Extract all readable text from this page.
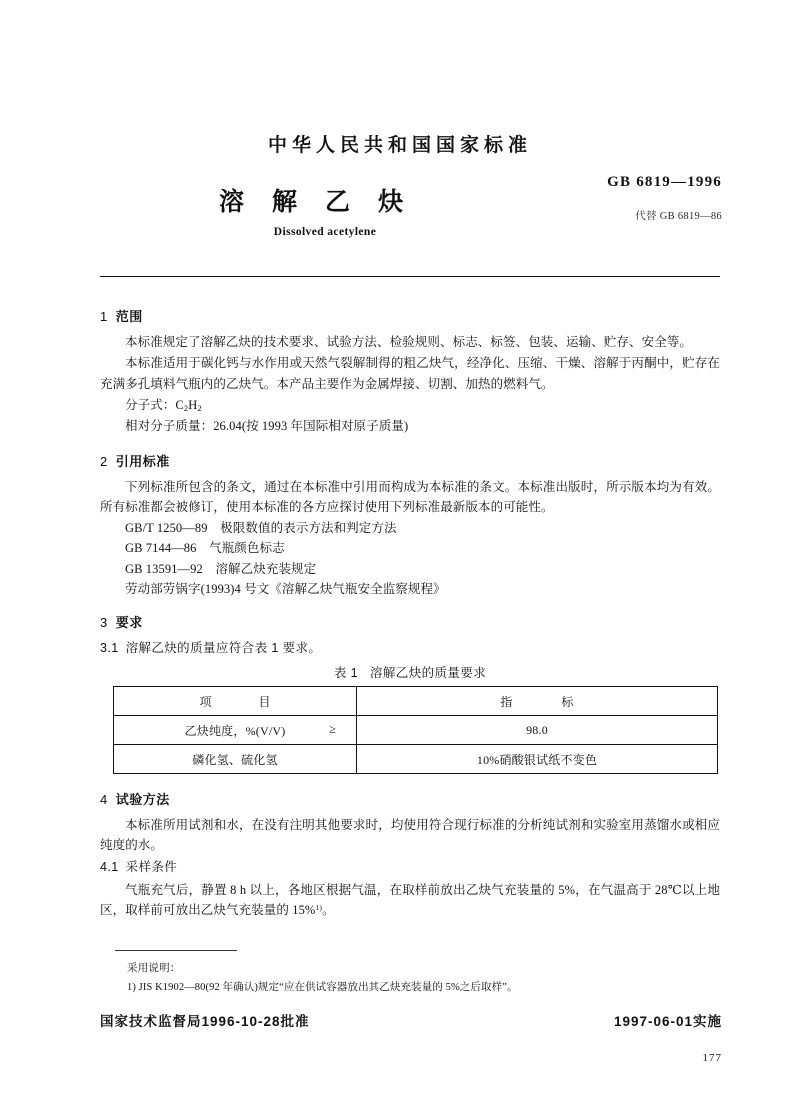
中华人民共和国国家标准
溶解乙炔
Dissolved acetylene
GB 6819—1996
代替 GB 6819—86
1 范围

本标准规定了溶解乙炔的技术要求、试验方法、检验规则、标志、标签、包装、运输、贮存、安全等。

本标准适用于碳化钙与水作用或天然气裂解制得的粗乙炔气，经净化、压缩、干燥、溶解于丙酮中，贮存在充满多孔填料气瓶内的乙炔气。本产品主要作为金属焊接、切割、加热的燃料气。

分子式：$C_2H_2$

相对分子质量：26.04(按 1993 年国际相对原子质量)

2 引用标准

下列标准所包含的条文，通过在本标准中引用而构成为本标准的条文。本标准出版时，所示版本均为有效。所有标准都会被修订，使用本标准的各方应探讨使用下列标准最新版本的可能性。

GB/T 1250—89　极限数值的表示方法和判定方法

GB 7144—86　气瓶颜色标志

GB 13591—92　溶解乙炔充装规定

劳动部劳锅字(1993)4 号文《溶解乙炔气瓶安全监察规程》

3 要求
3.1 溶解乙炔的质量应符合表 1 要求。
表 1 溶解乙炔的质量要求
项 目	指　　　　标

乙炔纯度，%(V/V) ≥	98.0

磷化氢、硫化氢	10%硝酸银试纸不变色
4 试验方法

本标准所用试剂和水，在没有注明其他要求时，均使用符合现行标准的分析纯试剂和实验室用蒸馏水或相应纯度的水。

4.1 采样条件

气瓶充气后，静置 8 h 以上，各地区根据气温，在取样前放出乙炔气充装量的 5%，在气温高于 28℃以上地区，取样前可放出乙炔气充装量的 15%$^{1)}$。

采用说明：

1) JIS K1902—80(92 年确认)规定“应在供试容器放出其乙炔充装量的 5%之后取样”。

国家技术监督局1996-10-28批准	1997-06-01实施
177
